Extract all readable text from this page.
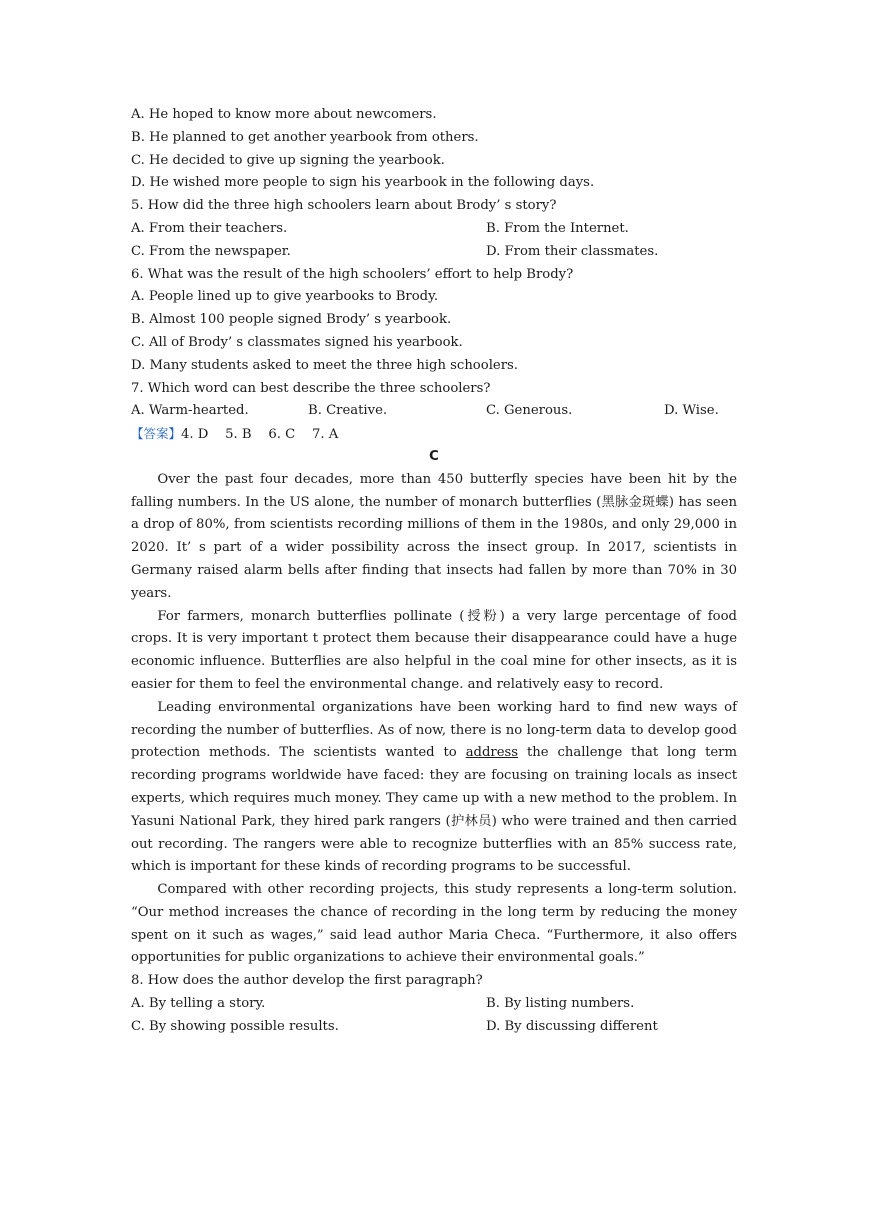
A. He hoped to know more about newcomers.
B. He planned to get another yearbook from others.
C. He decided to give up signing the yearbook.
D. He wished more people to sign his yearbook in the following days.
5. How did the three high schoolers learn about Brody’ s story?
A. From their teachers.	B. From the Internet.
C. From the newspaper.	D. From their classmates.
6. What was the result of the high schoolers’ effort to help Brody?
A. People lined up to give yearbooks to Brody.
B. Almost 100 people signed Brody’ s yearbook.
C. All of Brody’ s classmates signed his yearbook.
D. Many students asked to meet the three high schoolers.
7. Which word can best describe the three schoolers?
A. Warm-hearted.	B. Creative.	C. Generous.	D. Wise.
【答案】4. D    5. B    6. C    7. A
C

Over the past four decades, more than 450 butterfly species have been hit by the falling numbers. In the US alone, the number of monarch butterflies (黑脉金斑蝶) has seen a drop of 80%, from scientists recording millions of them in the 1980s, and only 29,000 in 2020. It’ s part of a wider possibility across the insect group. In 2017, scientists in Germany raised alarm bells after finding that insects had fallen by more than 70% in 30 years.

For farmers, monarch butterflies pollinate (授粉) a very large percentage of food crops. It is very important t protect them because their disappearance could have a huge economic influence. Butterflies are also helpful in the coal mine for other insects, as it is easier for them to feel the environmental change. and relatively easy to record.

Leading environmental organizations have been working hard to find new ways of recording the number of butterflies. As of now, there is no long-term data to develop good protection methods. The scientists wanted to address the challenge that long term recording programs worldwide have faced: they are focusing on training locals as insect experts, which requires much money. They came up with a new method to the problem. In Yasuni National Park, they hired park rangers (护林员) who were trained and then carried out recording. The rangers were able to recognize butterflies with an 85% success rate, which is important for these kinds of recording programs to be successful.

Compared with other recording projects, this study represents a long-term solution. “Our method increases the chance of recording in the long term by reducing the money spent on it such as wages,” said lead author Maria Checa. “Furthermore, it also offers opportunities for public organizations to achieve their environmental goals.”

8. How does the author develop the first paragraph?
A. By telling a story.	B. By listing numbers.
C. By showing possible results.	D. By discussing different
